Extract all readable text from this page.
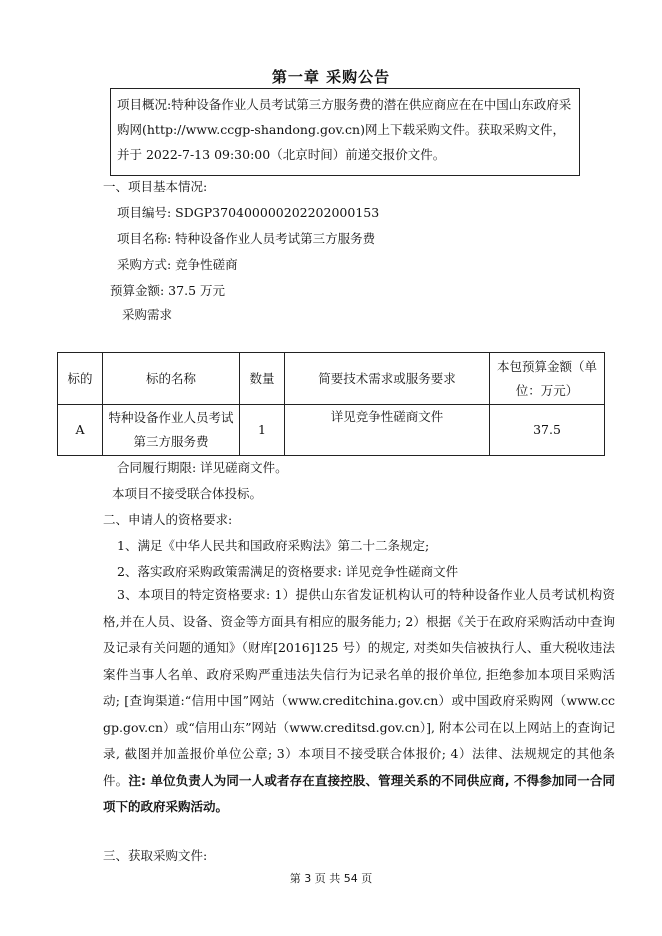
第一章 采购公告
项目概况:特种设备作业人员考试第三方服务费的潜在供应商应在在中国山东政府采购网(http://www.ccgp-shandong.gov.cn)网上下载采购文件。获取采购文件，并于 2022-7-13 09:30:00（北京时间）前递交报价文件。
一、项目基本情况:
项目编号: SDGP370400000202202000153
项目名称: 特种设备作业人员考试第三方服务费
采购方式: 竞争性磋商
预算金额: 37.5 万元
采购需求
标的	标的名称	数量	简要技术需求或服务要求	本包预算金额（单位：万元）
A	特种设备作业人员考试第三方服务费	1	详见竞争性磋商文件	37.5
合同履行期限: 详见磋商文件。
本项目不接受联合体投标。
二、申请人的资格要求:
1、满足《中华人民共和国政府采购法》第二十二条规定;
2、落实政府采购政策需满足的资格要求: 详见竞争性磋商文件
3、本项目的特定资格要求: 1）提供山东省发证机构认可的特种设备作业人员考试机构资格,并在人员、设备、资金等方面具有相应的服务能力; 2）根据《关于在政府采购活动中查询及记录有关问题的通知》（财库[2016]125 号）的规定, 对类如失信被执行人、重大税收违法案件当事人名单、政府采购严重违法失信行为记录名单的报价单位, 拒绝参加本项目采购活动; [查询渠道:“信用中国”网站（www.creditchina.gov.cn）或中国政府采购网（www.ccgp.gov.cn）或“信用山东”网站（www.creditsd.gov.cn）], 附本公司在以上网站上的查询记录, 截图并加盖报价单位公章; 3）本项目不接受联合体报价; 4）法律、法规规定的其他条件。注: 单位负责人为同一人或者存在直接控股、管理关系的不同供应商, 不得参加同一合同项下的政府采购活动。
三、获取采购文件:
第 3 页 共 54 页
